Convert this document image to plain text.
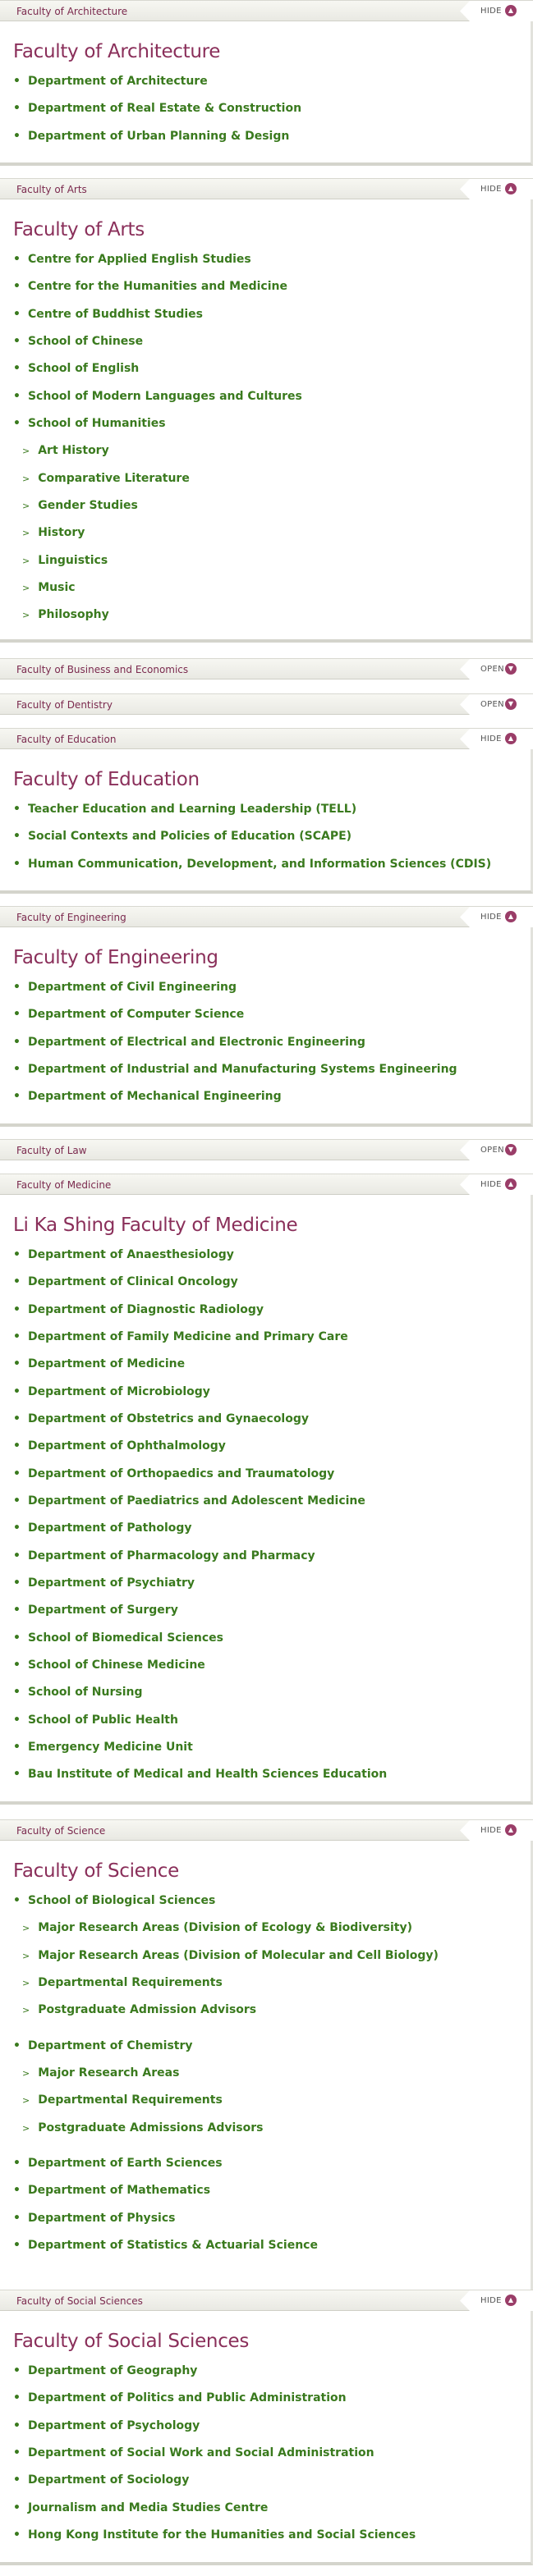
Faculty of Architecture	HIDE	▲
Faculty of Architecture
• Department of Architecture
• Department of Real Estate & Construction
• Department of Urban Planning & Design
Faculty of Arts	HIDE	▲
Faculty of Arts
• Centre for Applied English Studies
• Centre for the Humanities and Medicine
• Centre of Buddhist Studies
• School of Chinese
• School of English
• School of Modern Languages and Cultures
• School of Humanities
> Art History
> Comparative Literature
> Gender Studies
> History
> Linguistics
> Music
> Philosophy
Faculty of Business and Economics	OPEN ▼
Faculty of Dentistry	OPEN ▼
Faculty of Education	HIDE	▲
Faculty of Education
• Teacher Education and Learning Leadership (TELL)
• Social Contexts and Policies of Education (SCAPE)
• Human Communication, Development, and Information Sciences (CDIS)
Faculty of Engineering	HIDE	▲
Faculty of Engineering
• Department of Civil Engineering
• Department of Computer Science
• Department of Electrical and Electronic Engineering
• Department of Industrial and Manufacturing Systems Engineering
• Department of Mechanical Engineering
Faculty of Law	OPEN ▼
Faculty of Medicine	HIDE	▲
Li Ka Shing Faculty of Medicine
• Department of Anaesthesiology
• Department of Clinical Oncology
• Department of Diagnostic Radiology
• Department of Family Medicine and Primary Care
• Department of Medicine
• Department of Microbiology
• Department of Obstetrics and Gynaecology
• Department of Ophthalmology
• Department of Orthopaedics and Traumatology
• Department of Paediatrics and Adolescent Medicine
• Department of Pathology
• Department of Pharmacology and Pharmacy
• Department of Psychiatry
• Department of Surgery
• School of Biomedical Sciences
• School of Chinese Medicine
• School of Nursing
• School of Public Health
• Emergency Medicine Unit
• Bau Institute of Medical and Health Sciences Education
Faculty of Science	HIDE	▲
Faculty of Science
• School of Biological Sciences
> Major Research Areas (Division of Ecology & Biodiversity)
> Major Research Areas (Division of Molecular and Cell Biology)
> Departmental Requirements
> Postgraduate Admission Advisors
• Department of Chemistry
> Major Research Areas
> Departmental Requirements
> Postgraduate Admissions Advisors
• Department of Earth Sciences
• Department of Mathematics
• Department of Physics
• Department of Statistics & Actuarial Science
Faculty of Social Sciences	HIDE	▲
Faculty of Social Sciences
• Department of Geography
• Department of Politics and Public Administration
• Department of Psychology
• Department of Social Work and Social Administration
• Department of Sociology
• Journalism and Media Studies Centre
• Hong Kong Institute for the Humanities and Social Sciences
